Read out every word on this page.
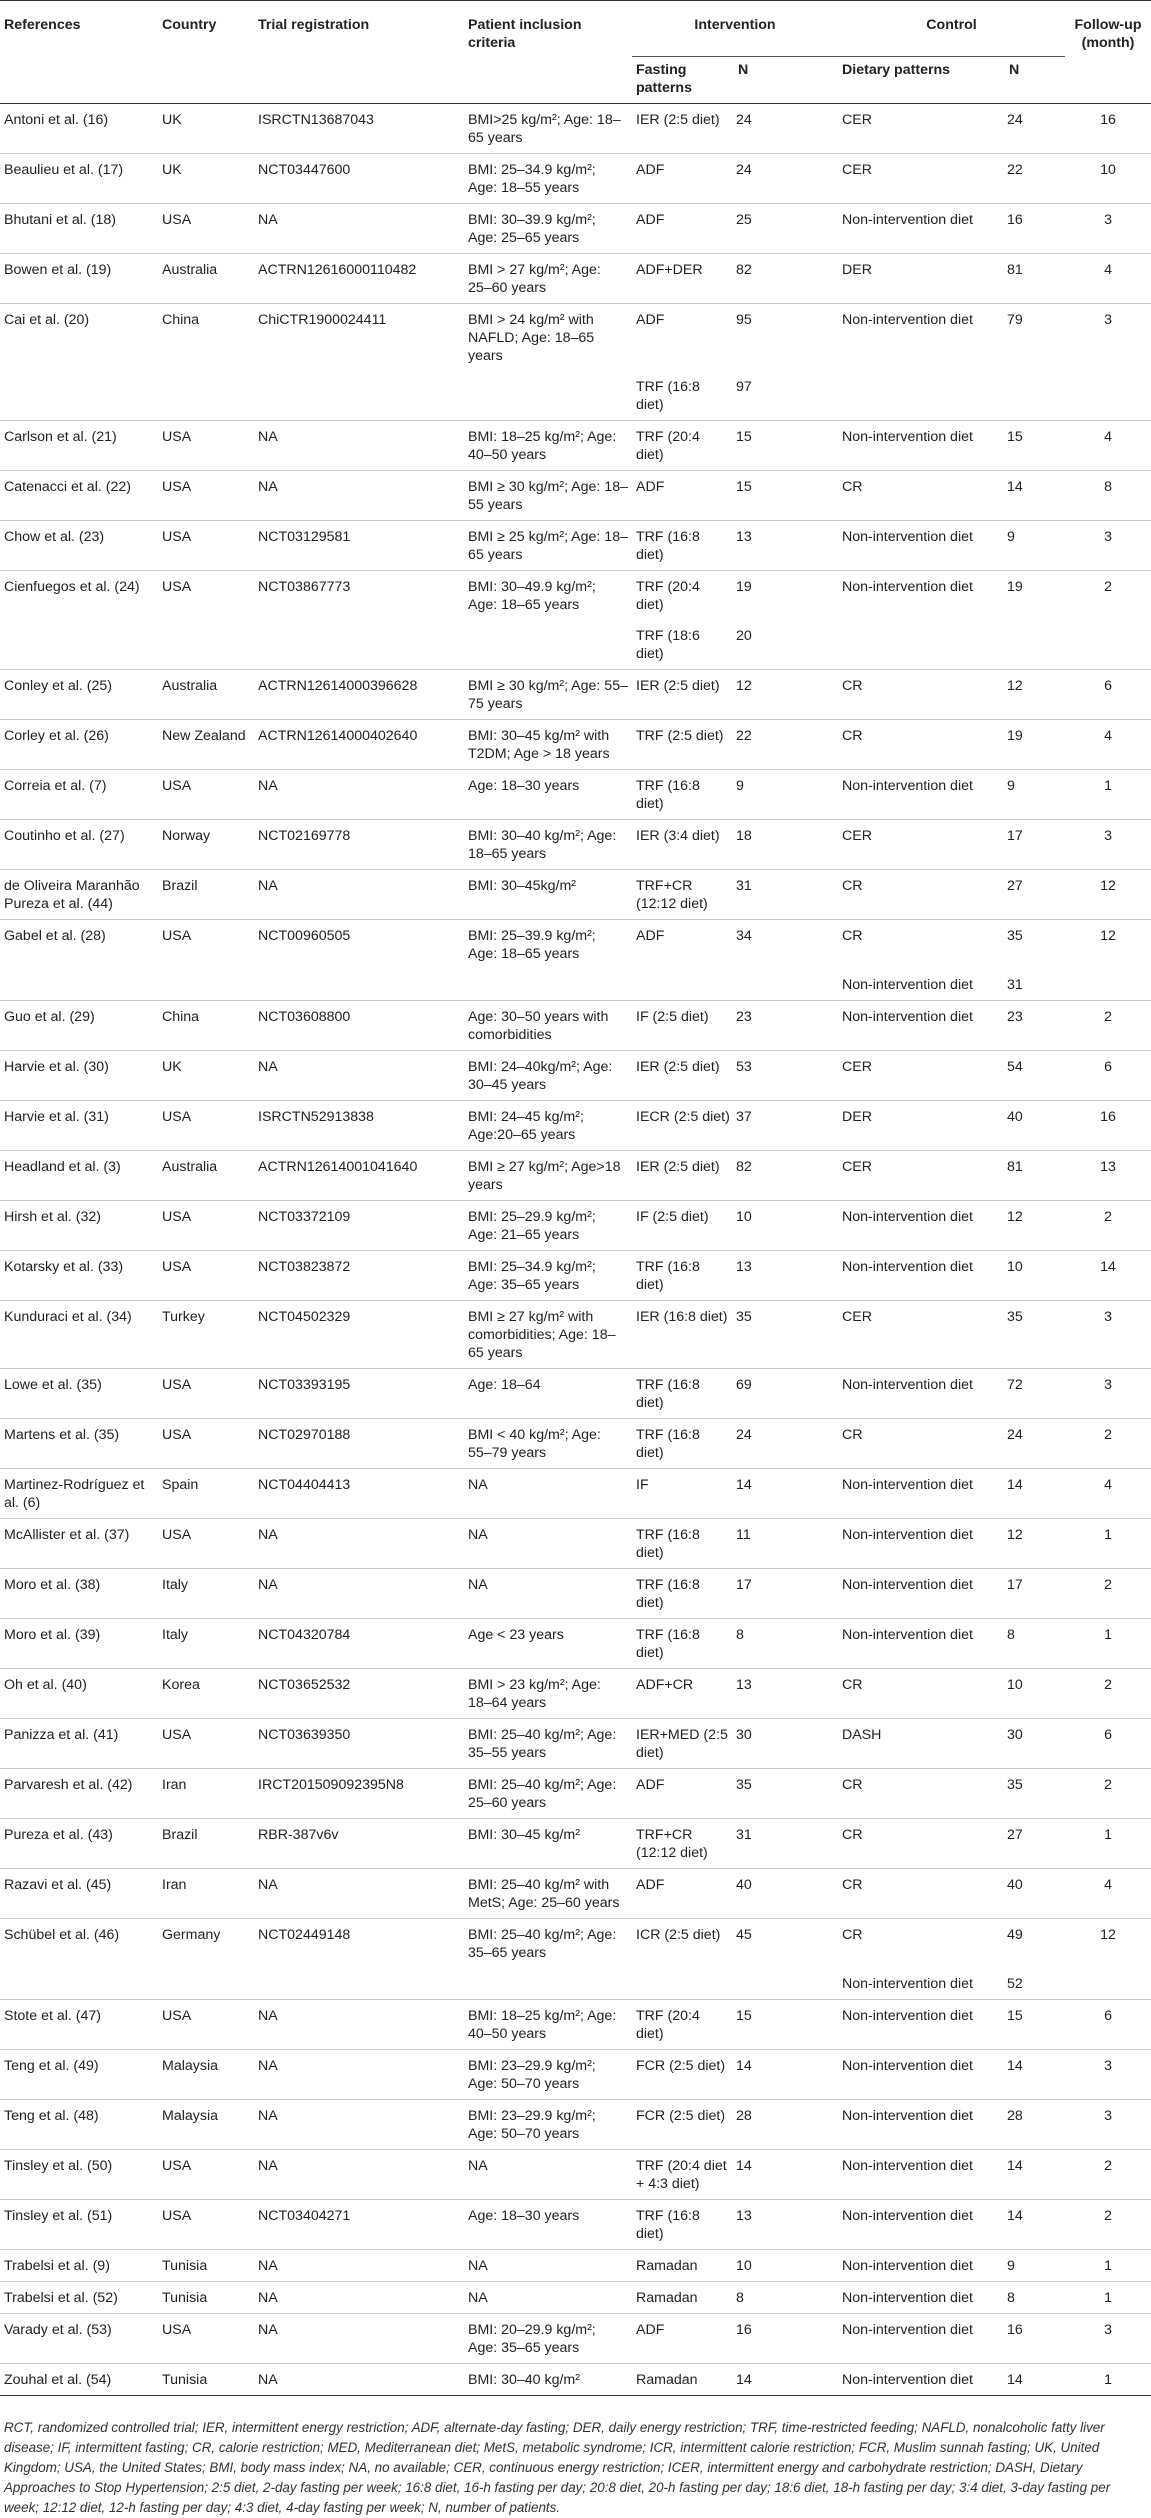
References	Country	Trial registration	Patient inclusion criteria	Intervention		Control		Follow-up (month)
				Fasting patterns	N	Dietary patterns	N	
Antoni et al. (16)	UK	ISRCTN13687043	BMI>25 kg/m²; Age: 18–65 years	IER (2:5 diet)	24	CER	24	16
Beaulieu et al. (17)	UK	NCT03447600	BMI: 25–34.9 kg/m²; Age: 18–55 years	ADF	24	CER	22	10
Bhutani et al. (18)	USA	NA	BMI: 30–39.9 kg/m²; Age: 25–65 years	ADF	25	Non-intervention diet	16	3
Bowen et al. (19)	Australia	ACTRN12616000110482	BMI > 27 kg/m²; Age: 25–60 years	ADF+DER	82	DER	81	4
Cai et al. (20)	China	ChiCTR1900024411	BMI > 24 kg/m² with NAFLD; Age: 18–65 years	ADF	95	Non-intervention diet	79	3
				TRF (16:8 diet)	97			
Carlson et al. (21)	USA	NA	BMI: 18–25 kg/m²; Age: 40–50 years	TRF (20:4 diet)	15	Non-intervention diet	15	4
Catenacci et al. (22)	USA	NA	BMI ≥ 30 kg/m²; Age: 18–55 years	ADF	15	CR	14	8
Chow et al. (23)	USA	NCT03129581	BMI ≥ 25 kg/m²; Age: 18–65 years	TRF (16:8 diet)	13	Non-intervention diet	9	3
Cienfuegos et al. (24)	USA	NCT03867773	BMI: 30–49.9 kg/m²; Age: 18–65 years	TRF (20:4 diet)	19	Non-intervention diet	19	2
				TRF (18:6 diet)	20			
Conley et al. (25)	Australia	ACTRN12614000396628	BMI ≥ 30 kg/m²; Age: 55–75 years	IER (2:5 diet)	12	CR	12	6
Corley et al. (26)	New Zealand	ACTRN12614000402640	BMI: 30–45 kg/m² with T2DM; Age > 18 years	TRF (2:5 diet)	22	CR	19	4
Correia et al. (7)	USA	NA	Age: 18–30 years	TRF (16:8 diet)	9	Non-intervention diet	9	1
Coutinho et al. (27)	Norway	NCT02169778	BMI: 30–40 kg/m²; Age: 18–65 years	IER (3:4 diet)	18	CER	17	3
de Oliveira Maranhão Pureza et al. (44)	Brazil	NA	BMI: 30–45kg/m²	TRF+CR (12:12 diet)	31	CR	27	12
Gabel et al. (28)	USA	NCT00960505	BMI: 25–39.9 kg/m²; Age: 18–65 years	ADF	34	CR	35	12
						Non-intervention diet	31	
Guo et al. (29)	China	NCT03608800	Age: 30–50 years with comorbidities	IF (2:5 diet)	23	Non-intervention diet	23	2
Harvie et al. (30)	UK	NA	BMI: 24–40kg/m²; Age: 30–45 years	IER (2:5 diet)	53	CER	54	6
Harvie et al. (31)	USA	ISRCTN52913838	BMI: 24–45 kg/m²; Age:20–65 years	IECR (2:5 diet)	37	DER	40	16
Headland et al. (3)	Australia	ACTRN12614001041640	BMI ≥ 27 kg/m²; Age>18 years	IER (2:5 diet)	82	CER	81	13
Hirsh et al. (32)	USA	NCT03372109	BMI: 25–29.9 kg/m²; Age: 21–65 years	IF (2:5 diet)	10	Non-intervention diet	12	2
Kotarsky et al. (33)	USA	NCT03823872	BMI: 25–34.9 kg/m²; Age: 35–65 years	TRF (16:8 diet)	13	Non-intervention diet	10	14
Kunduraci et al. (34)	Turkey	NCT04502329	BMI ≥ 27 kg/m² with comorbidities; Age: 18–65 years	IER (16:8 diet)	35	CER	35	3
Lowe et al. (35)	USA	NCT03393195	Age: 18–64	TRF (16:8 diet)	69	Non-intervention diet	72	3
Martens et al. (35)	USA	NCT02970188	BMI < 40 kg/m²; Age: 55–79 years	TRF (16:8 diet)	24	CR	24	2
Martinez-Rodríguez et al. (6)	Spain	NCT04404413	NA	IF	14	Non-intervention diet	14	4
McAllister et al. (37)	USA	NA	NA	TRF (16:8 diet)	11	Non-intervention diet	12	1
Moro et al. (38)	Italy	NA	NA	TRF (16:8 diet)	17	Non-intervention diet	17	2
Moro et al. (39)	Italy	NCT04320784	Age < 23 years	TRF (16:8 diet)	8	Non-intervention diet	8	1
Oh et al. (40)	Korea	NCT03652532	BMI > 23 kg/m²; Age: 18–64 years	ADF+CR	13	CR	10	2
Panizza et al. (41)	USA	NCT03639350	BMI: 25–40 kg/m²; Age: 35–55 years	IER+MED (2:5 diet)	30	DASH	30	6
Parvaresh et al. (42)	Iran	IRCT201509092395N8	BMI: 25–40 kg/m²; Age: 25–60 years	ADF	35	CR	35	2
Pureza et al. (43)	Brazil	RBR-387v6v	BMI: 30–45 kg/m²	TRF+CR (12:12 diet)	31	CR	27	1
Razavi et al. (45)	Iran	NA	BMI: 25–40 kg/m² with MetS; Age: 25–60 years	ADF	40	CR	40	4
Schübel et al. (46)	Germany	NCT02449148	BMI: 25–40 kg/m²; Age: 35–65 years	ICR (2:5 diet)	45	CR	49	12
						Non-intervention diet	52	
Stote et al. (47)	USA	NA	BMI: 18–25 kg/m²; Age: 40–50 years	TRF (20:4 diet)	15	Non-intervention diet	15	6
Teng et al. (49)	Malaysia	NA	BMI: 23–29.9 kg/m²; Age: 50–70 years	FCR (2:5 diet)	14	Non-intervention diet	14	3
Teng et al. (48)	Malaysia	NA	BMI: 23–29.9 kg/m²; Age: 50–70 years	FCR (2:5 diet)	28	Non-intervention diet	28	3
Tinsley et al. (50)	USA	NA	NA	TRF (20:4 diet + 4:3 diet)	14	Non-intervention diet	14	2
Tinsley et al. (51)	USA	NCT03404271	Age: 18–30 years	TRF (16:8 diet)	13	Non-intervention diet	14	2
Trabelsi et al. (9)	Tunisia	NA	NA	Ramadan	10	Non-intervention diet	9	1
Trabelsi et al. (52)	Tunisia	NA	NA	Ramadan	8	Non-intervention diet	8	1
Varady et al. (53)	USA	NA	BMI: 20–29.9 kg/m²; Age: 35–65 years	ADF	16	Non-intervention diet	16	3
Zouhal et al. (54)	Tunisia	NA	BMI: 30–40 kg/m²	Ramadan	14	Non-intervention diet	14	1
RCT, randomized controlled trial; IER, intermittent energy restriction; ADF, alternate-day fasting; DER, daily energy restriction; TRF, time-restricted feeding; NAFLD, nonalcoholic fatty liver disease; IF, intermittent fasting; CR, calorie restriction; MED, Mediterranean diet; MetS, metabolic syndrome; ICR, intermittent calorie restriction; FCR, Muslim sunnah fasting; UK, United Kingdom; USA, the United States; BMI, body mass index; NA, no available; CER, continuous energy restriction; ICER, intermittent energy and carbohydrate restriction; DASH, Dietary Approaches to Stop Hypertension; 2:5 diet, 2-day fasting per week; 16:8 diet, 16-h fasting per day; 20:8 diet, 20-h fasting per day; 18:6 diet, 18-h fasting per day; 3:4 diet, 3-day fasting per week; 12:12 diet, 12-h fasting per day; 4:3 diet, 4-day fasting per week; N, number of patients.
